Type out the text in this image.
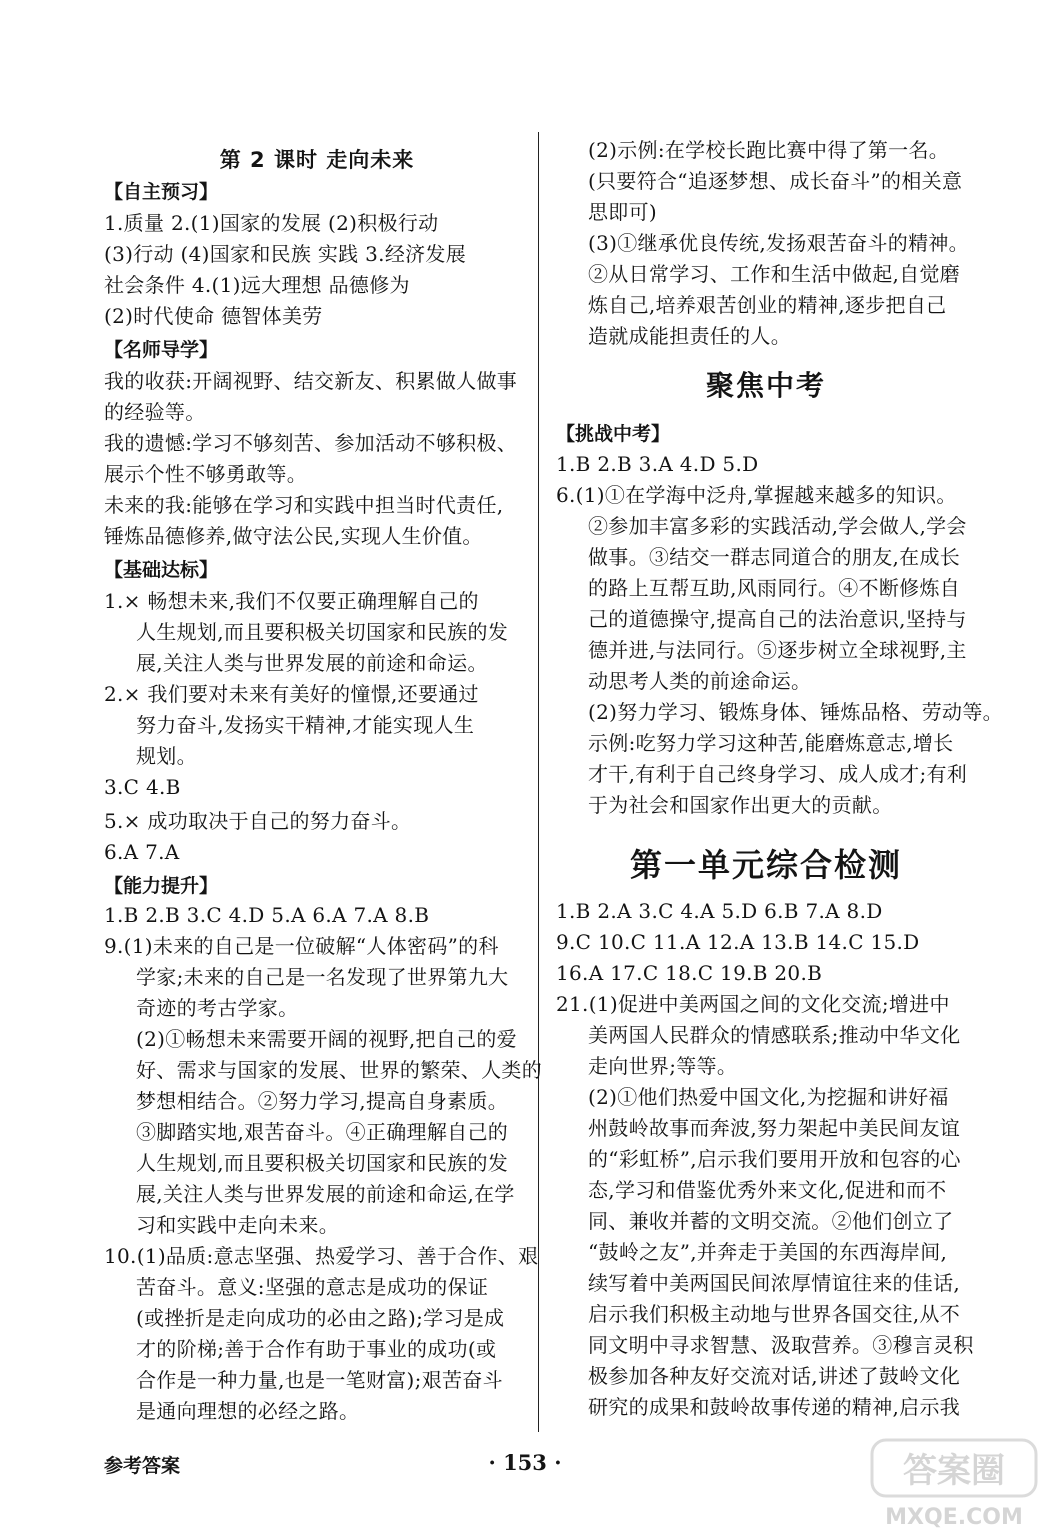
第 2 课时 走向未来
【自主预习】
1.质量 2.(1)国家的发展 (2)积极行动
(3)行动 (4)国家和民族 实践 3.经济发展
社会条件 4.(1)远大理想 品德修为
(2)时代使命 德智体美劳
【名师导学】
我的收获:开阔视野、结交新友、积累做人做事
的经验等。
我的遗憾:学习不够刻苦、参加活动不够积极、
展示个性不够勇敢等。
未来的我:能够在学习和实践中担当时代责任,
锤炼品德修养,做守法公民,实现人生价值。
【基础达标】
1.× 畅想未来,我们不仅要正确理解自己的
人生规划,而且要积极关切国家和民族的发
展,关注人类与世界发展的前途和命运。
2.× 我们要对未来有美好的憧憬,还要通过
努力奋斗,发扬实干精神,才能实现人生
规划。
3.C 4.B
5.× 成功取决于自己的努力奋斗。
6.A 7.A
【能力提升】
1.B 2.B 3.C 4.D 5.A 6.A 7.A 8.B
9.(1)未来的自己是一位破解“人体密码”的科
学家;未来的自己是一名发现了世界第九大
奇迹的考古学家。
(2)①畅想未来需要开阔的视野,把自己的爱
好、需求与国家的发展、世界的繁荣、人类的
梦想相结合。②努力学习,提高自身素质。
③脚踏实地,艰苦奋斗。④正确理解自己的
人生规划,而且要积极关切国家和民族的发
展,关注人类与世界发展的前途和命运,在学
习和实践中走向未来。
10.(1)品质:意志坚强、热爱学习、善于合作、艰
苦奋斗。意义:坚强的意志是成功的保证
(或挫折是走向成功的必由之路);学习是成
才的阶梯;善于合作有助于事业的成功(或
合作是一种力量,也是一笔财富);艰苦奋斗
是通向理想的必经之路。
(2)示例:在学校长跑比赛中得了第一名。
(只要符合“追逐梦想、成长奋斗”的相关意
思即可)
(3)①继承优良传统,发扬艰苦奋斗的精神。
②从日常学习、工作和生活中做起,自觉磨
炼自己,培养艰苦创业的精神,逐步把自己
造就成能担责任的人。
聚焦中考
【挑战中考】
1.B 2.B 3.A 4.D 5.D
6.(1)①在学海中泛舟,掌握越来越多的知识。
②参加丰富多彩的实践活动,学会做人,学会
做事。③结交一群志同道合的朋友,在成长
的路上互帮互助,风雨同行。④不断修炼自
己的道德操守,提高自己的法治意识,坚持与
德并进,与法同行。⑤逐步树立全球视野,主
动思考人类的前途命运。
(2)努力学习、锻炼身体、锤炼品格、劳动等。
示例:吃努力学习这种苦,能磨炼意志,增长
才干,有利于自己终身学习、成人成才;有利
于为社会和国家作出更大的贡献。
第一单元综合检测
1.B 2.A 3.C 4.A 5.D 6.B 7.A 8.D
9.C 10.C 11.A 12.A 13.B 14.C 15.D
16.A 17.C 18.C 19.B 20.B
21.(1)促进中美两国之间的文化交流;增进中
美两国人民群众的情感联系;推动中华文化
走向世界;等等。
(2)①他们热爱中国文化,为挖掘和讲好福
州鼓岭故事而奔波,努力架起中美民间友谊
的“彩虹桥”,启示我们要用开放和包容的心
态,学习和借鉴优秀外来文化,促进和而不
同、兼收并蓄的文明交流。②他们创立了
“鼓岭之友”,并奔走于美国的东西海岸间,
续写着中美两国民间浓厚情谊往来的佳话,
启示我们积极主动地与世界各国交往,从不
同文明中寻求智慧、汲取营养。③穆言灵积
极参加各种友好交流对话,讲述了鼓岭文化
研究的成果和鼓岭故事传递的精神,启示我
参考答案	· 153 ·	答案圈
MXQE.COM
